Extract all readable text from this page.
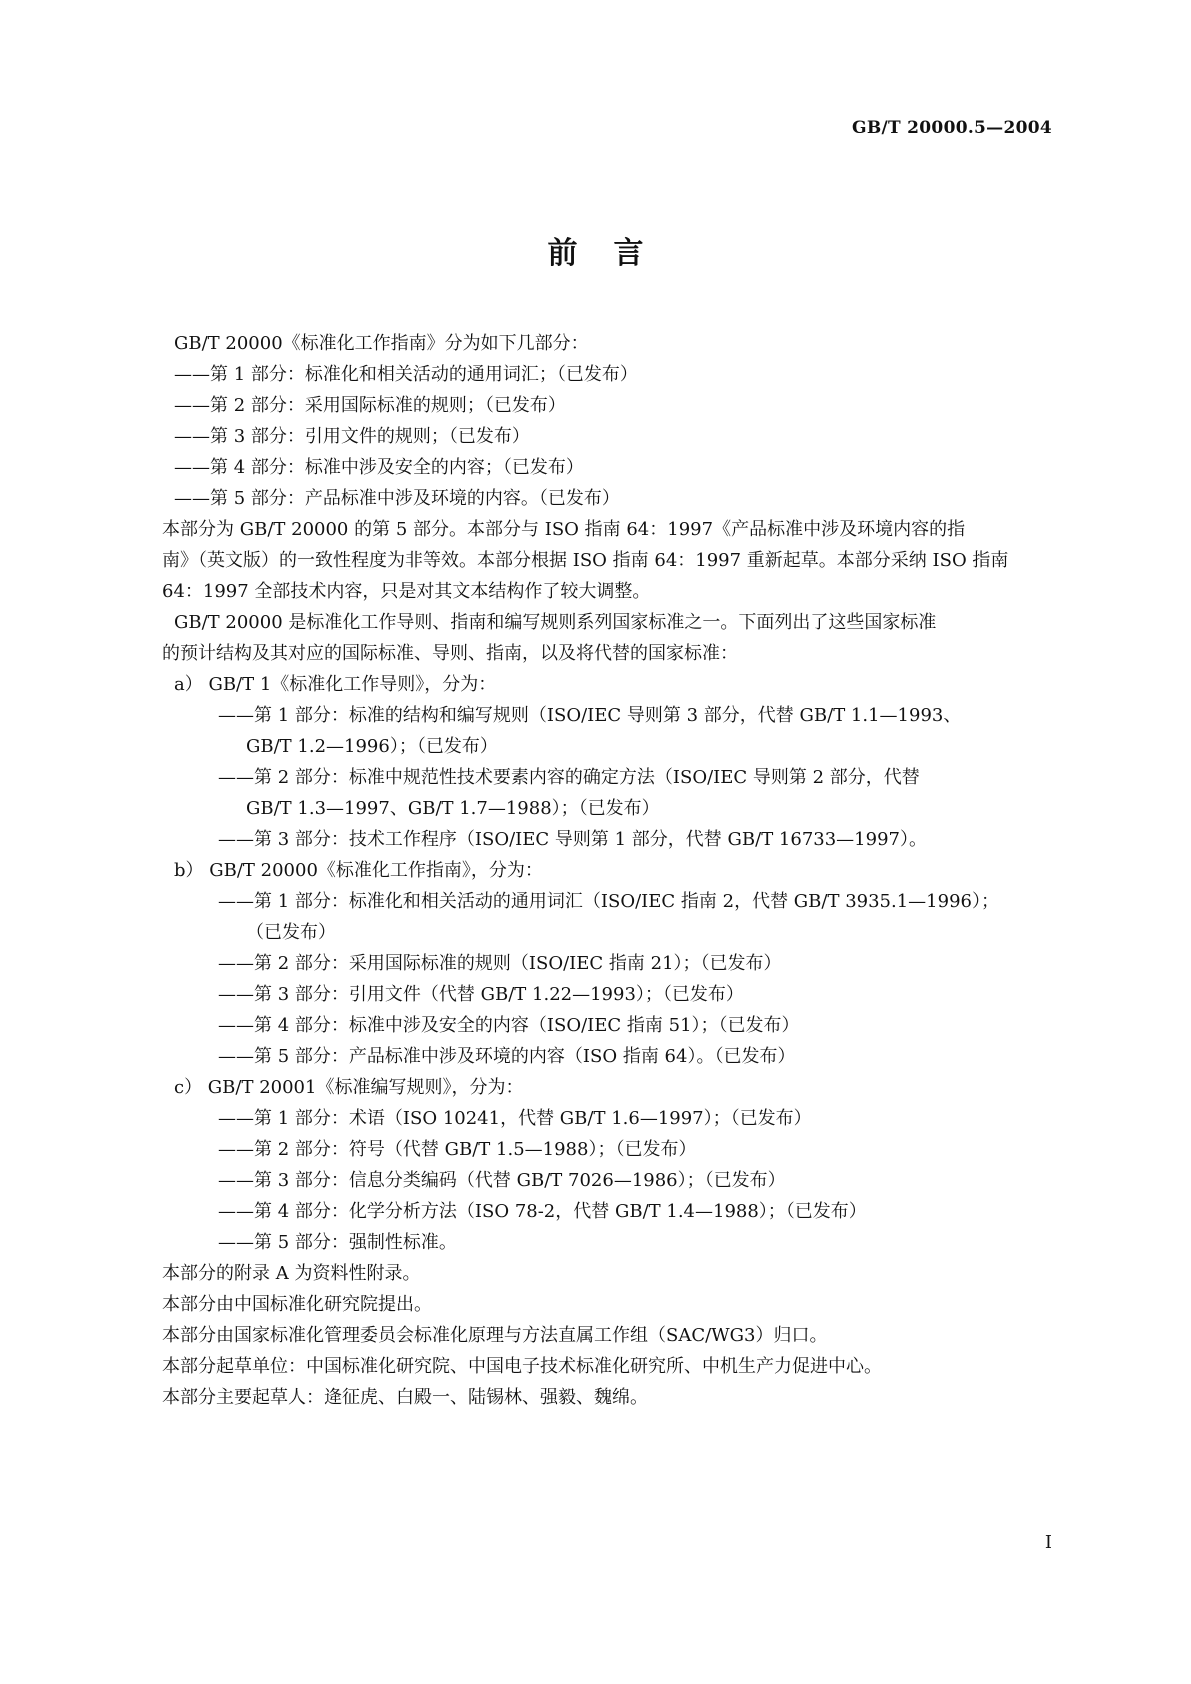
GB/T 20000.5—2004
前言
GB/T 20000《标准化工作指南》分为如下几部分：
——第 1 部分：标准化和相关活动的通用词汇；（已发布）
——第 2 部分：采用国际标准的规则；（已发布）
——第 3 部分：引用文件的规则；（已发布）
——第 4 部分：标准中涉及安全的内容；（已发布）
——第 5 部分：产品标准中涉及环境的内容。（已发布）
本部分为 GB/T 20000 的第 5 部分。本部分与 ISO 指南 64：1997《产品标准中涉及环境内容的指
南》（英文版）的一致性程度为非等效。本部分根据 ISO 指南 64：1997 重新起草。本部分采纳 ISO 指南
64：1997 全部技术内容，只是对其文本结构作了较大调整。
GB/T 20000 是标准化工作导则、指南和编写规则系列国家标准之一。下面列出了这些国家标准
的预计结构及其对应的国际标准、导则、指南，以及将代替的国家标准：
a） GB/T 1《标准化工作导则》，分为：
——第 1 部分：标准的结构和编写规则（ISO/IEC 导则第 3 部分，代替 GB/T 1.1—1993、
GB/T 1.2—1996）；（已发布）
——第 2 部分：标准中规范性技术要素内容的确定方法（ISO/IEC 导则第 2 部分，代替
GB/T 1.3—1997、GB/T 1.7—1988）；（已发布）
——第 3 部分：技术工作程序（ISO/IEC 导则第 1 部分，代替 GB/T 16733—1997）。
b） GB/T 20000《标准化工作指南》，分为：
——第 1 部分：标准化和相关活动的通用词汇（ISO/IEC 指南 2，代替 GB/T 3935.1—1996）；
（已发布）
——第 2 部分：采用国际标准的规则（ISO/IEC 指南 21）；（已发布）
——第 3 部分：引用文件（代替 GB/T 1.22—1993）；（已发布）
——第 4 部分：标准中涉及安全的内容（ISO/IEC 指南 51）；（已发布）
——第 5 部分：产品标准中涉及环境的内容（ISO 指南 64）。（已发布）
c） GB/T 20001《标准编写规则》，分为：
——第 1 部分：术语（ISO 10241，代替 GB/T 1.6—1997）；（已发布）
——第 2 部分：符号（代替 GB/T 1.5—1988）；（已发布）
——第 3 部分：信息分类编码（代替 GB/T 7026—1986）；（已发布）
——第 4 部分：化学分析方法（ISO 78-2，代替 GB/T 1.4—1988）；（已发布）
——第 5 部分：强制性标准。
本部分的附录 A 为资料性附录。
本部分由中国标准化研究院提出。
本部分由国家标准化管理委员会标准化原理与方法直属工作组（SAC/WG3）归口。
本部分起草单位：中国标准化研究院、中国电子技术标准化研究所、中机生产力促进中心。
本部分主要起草人：逄征虎、白殿一、陆锡林、强毅、魏绵。
I
